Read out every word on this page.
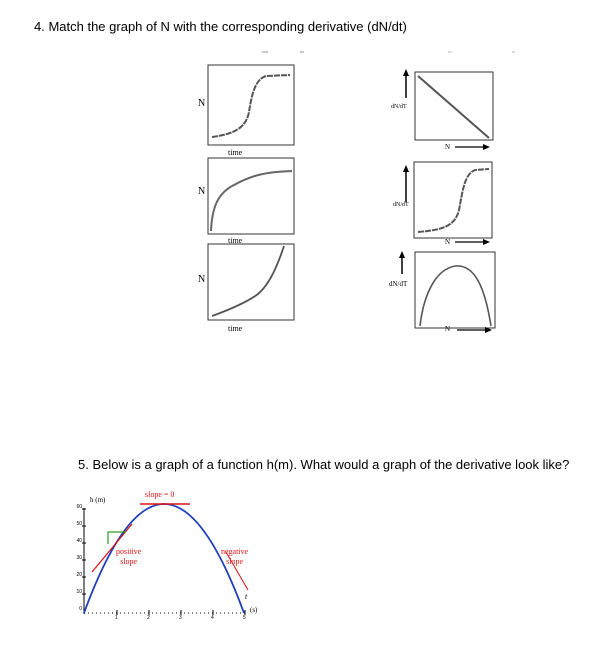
4. Match the graph of N with the corresponding derivative (dN/dt)
N
time
N
time
N
time
dN/dT
N
dN/dT
N
dN/dT
N
5. Below is a graph of a function h(m). What would a graph of the derivative look like?
h (m)
slope = 0
positive
slope
negative
slope
60
50
40
30
20
10
0
1	2	3	4	5
t
(s)
